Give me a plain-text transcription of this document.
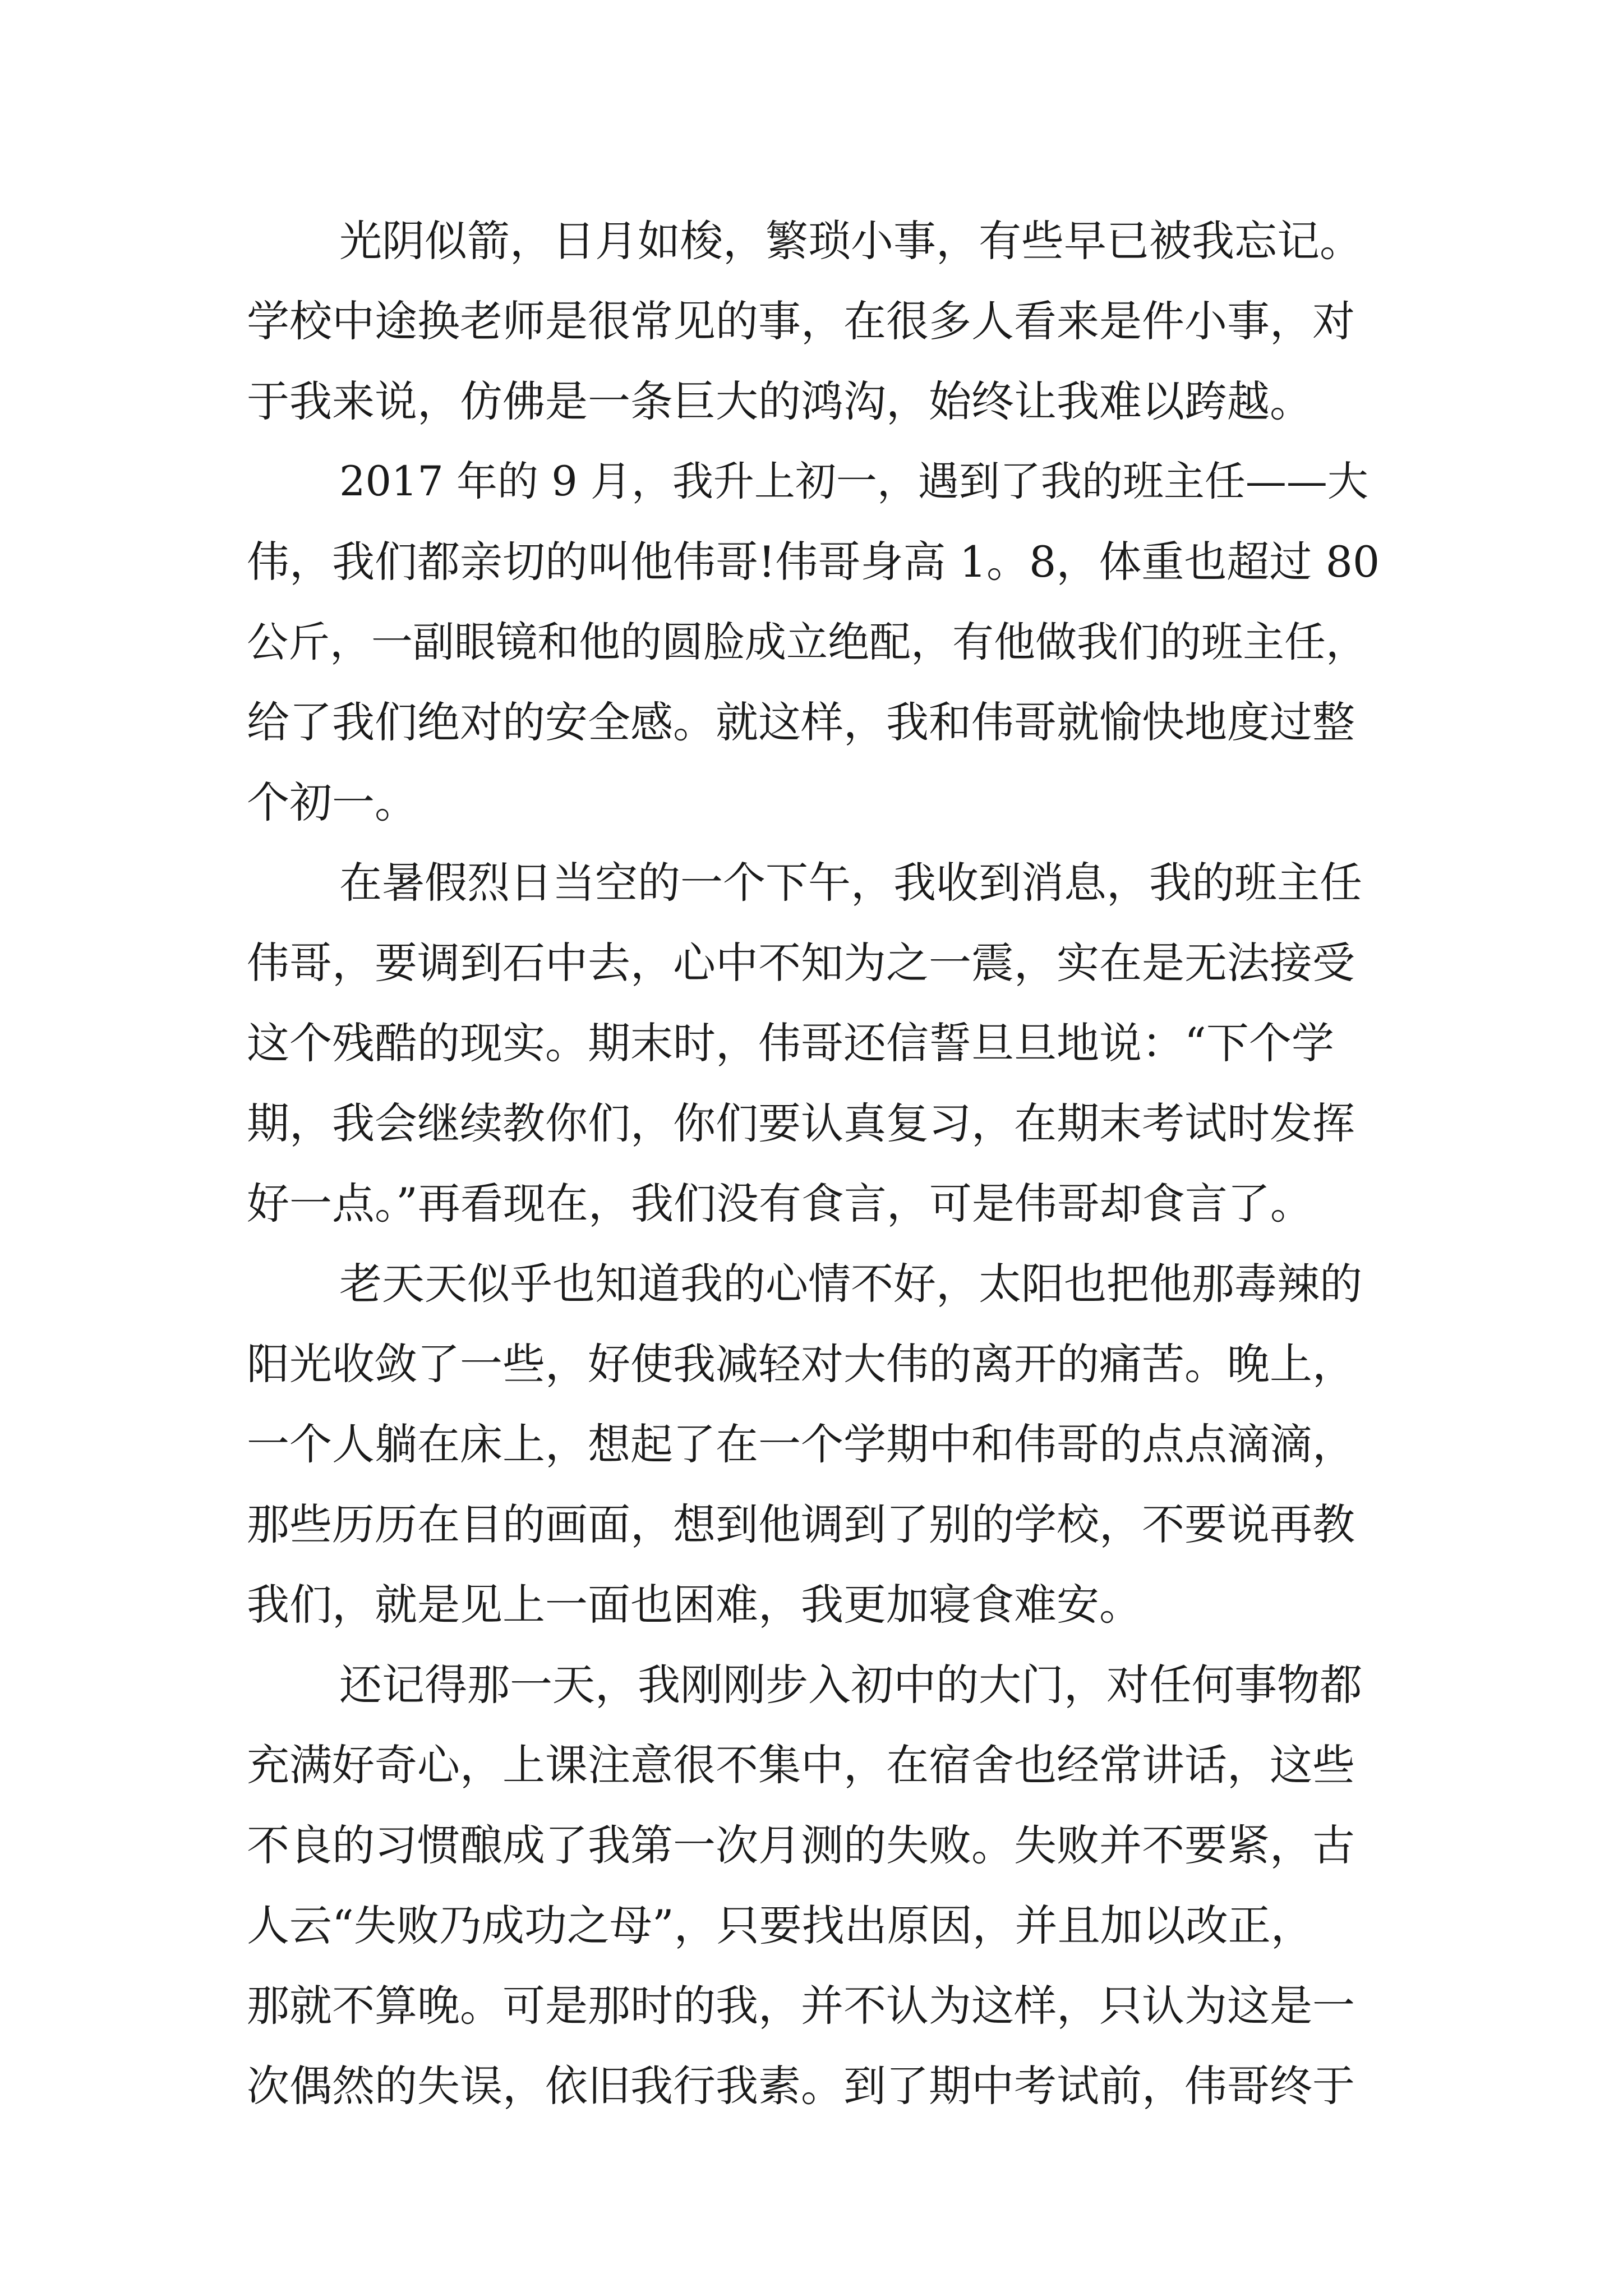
光阴似箭，日月如梭，繁琐小事，有些早已被我忘记。
学校中途换老师是很常见的事，在很多人看来是件小事，对
于我来说，仿佛是一条巨大的鸿沟，始终让我难以跨越。
2017 年的 9 月，我升上初一，遇到了我的班主任——大
伟，我们都亲切的叫他伟哥!伟哥身高 1。8，体重也超过 80
公斤，一副眼镜和他的圆脸成立绝配，有他做我们的班主任，
给了我们绝对的安全感。就这样，我和伟哥就愉快地度过整
个初一。
在暑假烈日当空的一个下午，我收到消息，我的班主任
伟哥，要调到石中去，心中不知为之一震，实在是无法接受
这个残酷的现实。期末时，伟哥还信誓旦旦地说：“下个学
期，我会继续教你们，你们要认真复习，在期末考试时发挥
好一点。”再看现在，我们没有食言，可是伟哥却食言了。
老天天似乎也知道我的心情不好，太阳也把他那毒辣的
阳光收敛了一些，好使我减轻对大伟的离开的痛苦。晚上，
一个人躺在床上，想起了在一个学期中和伟哥的点点滴滴，
那些历历在目的画面，想到他调到了别的学校，不要说再教
我们，就是见上一面也困难，我更加寝食难安。
还记得那一天，我刚刚步入初中的大门，对任何事物都
充满好奇心，上课注意很不集中，在宿舍也经常讲话，这些
不良的习惯酿成了我第一次月测的失败。失败并不要紧，古
人云“失败乃成功之母”，只要找出原因，并且加以改正，
那就不算晚。可是那时的我，并不认为这样，只认为这是一
次偶然的失误，依旧我行我素。到了期中考试前，伟哥终于
